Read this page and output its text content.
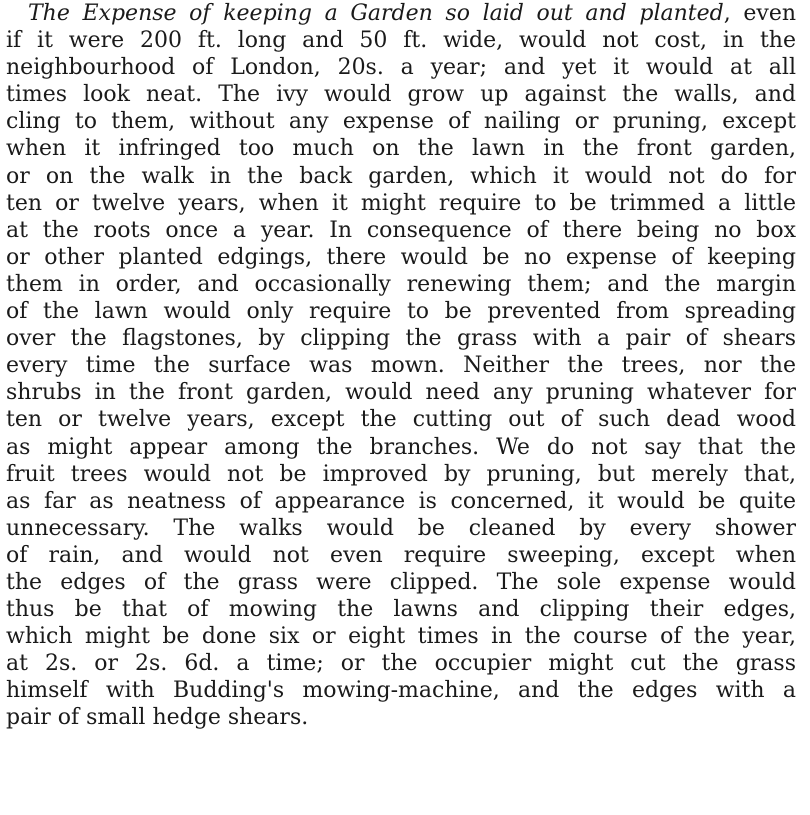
The Expense of keeping a Garden so laid out and planted, even
if it were 200 ft. long and 50 ft. wide, would not cost, in the
neighbourhood of London, 20s. a year; and yet it would at all
times look neat. The ivy would grow up against the walls, and
cling to them, without any expense of nailing or pruning, except
when it infringed too much on the lawn in the front garden,
or on the walk in the back garden, which it would not do for
ten or twelve years, when it might require to be trimmed a little
at the roots once a year. In consequence of there being no box
or other planted edgings, there would be no expense of keeping
them in order, and occasionally renewing them; and the margin
of the lawn would only require to be prevented from spreading
over the flagstones, by clipping the grass with a pair of shears
every time the surface was mown. Neither the trees, nor the
shrubs in the front garden, would need any pruning whatever for
ten or twelve years, except the cutting out of such dead wood
as might appear among the branches. We do not say that the
fruit trees would not be improved by pruning, but merely that,
as far as neatness of appearance is concerned, it would be quite
unnecessary. The walks would be cleaned by every shower
of rain, and would not even require sweeping, except when
the edges of the grass were clipped. The sole expense would
thus be that of mowing the lawns and clipping their edges,
which might be done six or eight times in the course of the year,
at 2s. or 2s. 6d. a time; or the occupier might cut the grass
himself with Budding's mowing-machine, and the edges with a
pair of small hedge shears.
